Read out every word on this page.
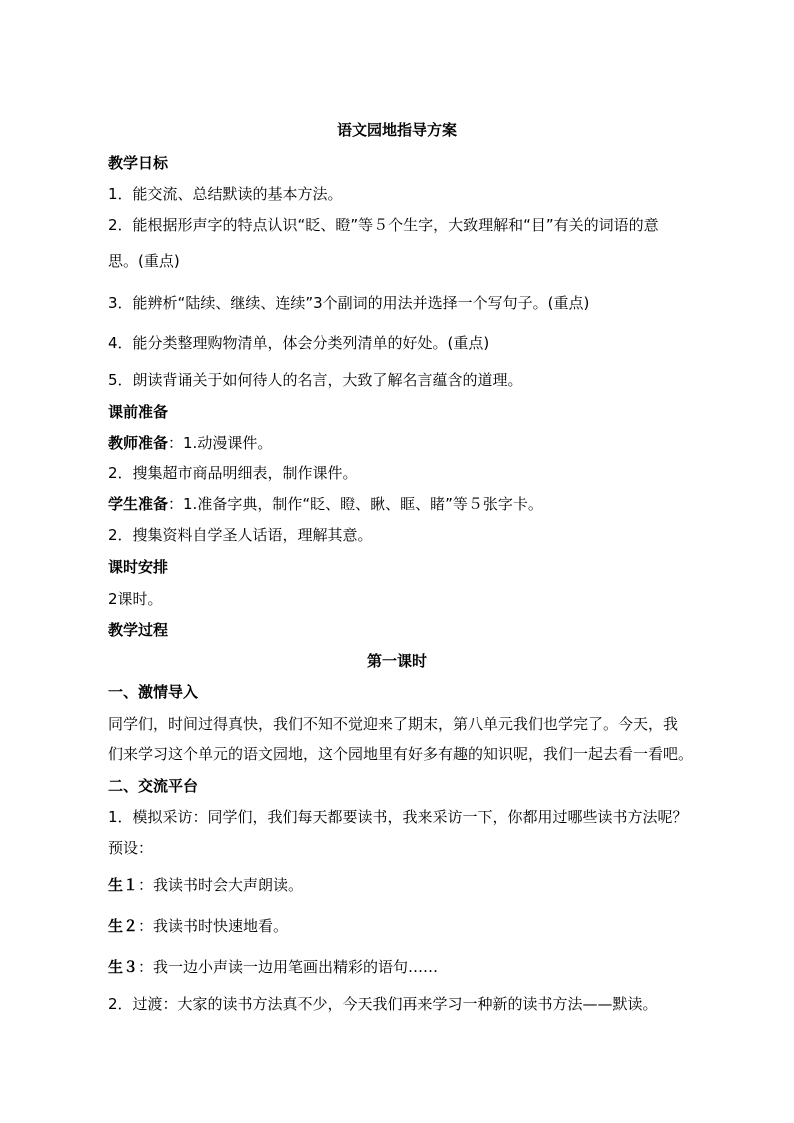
语文园地指导方案
教学日标
1．能交流、总结默读的基本方法。
2．能根据形声字的特点认识“眨、瞪”等５个生字，大致理解和“目”有关的词语的意
思。(重点)
3．能辨析“陆续、继续、连续”3个副词的用法并选择一个写句子。(重点)
4．能分类整理购物清单，体会分类列清单的好处。(重点)
5．朗读背诵关于如何待人的名言，大致了解名言蕴含的道理。
课前准备
教师准备：1.动漫课件。
2．搜集超市商品明细表，制作课件。
学生准备：1.准备字典，制作“眨、瞪、瞅、眶、睹”等５张字卡。
2．搜集资料自学圣人话语，理解其意。
课时安排
2课时。
教学过程
第一课时
一、激情导入
同学们，时间过得真快，我们不知不觉迎来了期末，第八单元我们也学完了。今天，我
们来学习这个单元的语文园地，这个园地里有好多有趣的知识呢，我们一起去看一看吧。
二、交流平台
1．模拟采访：同学们，我们每天都要读书，我来采访一下，你都用过哪些读书方法呢？
预设：
生１：我读书时会大声朗读。
生２：我读书时快速地看。
生３：我一边小声读一边用笔画出精彩的语句……
2．过渡：大家的读书方法真不少，今天我们再来学习一种新的读书方法——默读。
